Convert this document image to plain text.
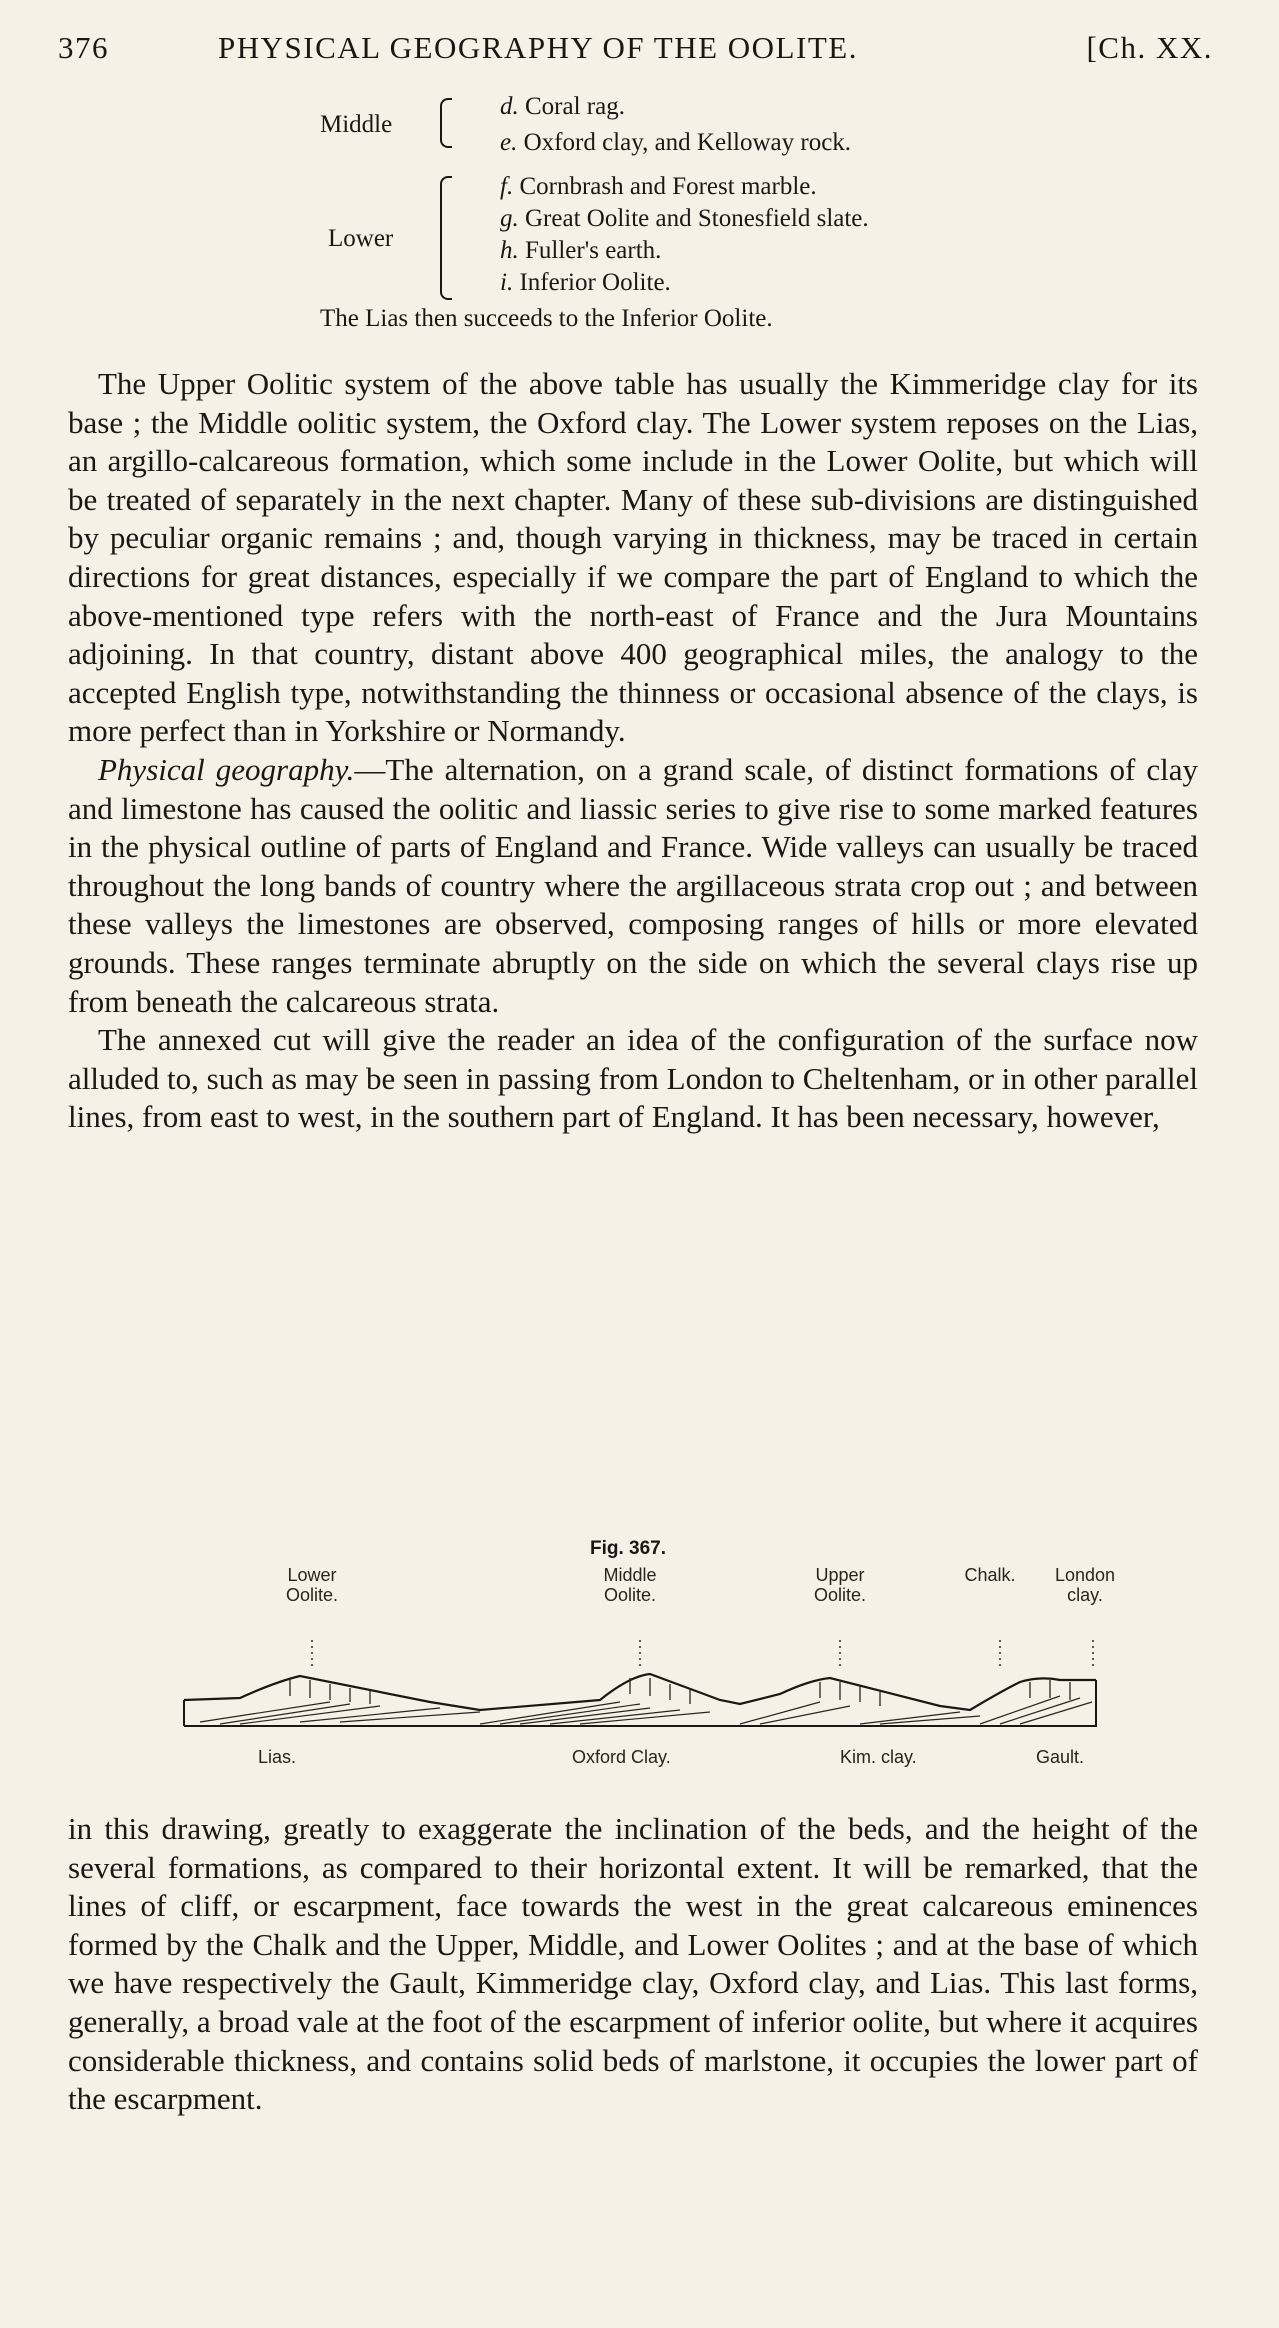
376	PHYSICAL GEOGRAPHY OF THE OOLITE.	[Ch. XX.
Middle
d. Coral rag.
e. Oxford clay, and Kelloway rock.
Lower
f. Cornbrash and Forest marble.
g. Great Oolite and Stonesfield slate.
h. Fuller's earth.
i. Inferior Oolite.
The Lias then succeeds to the Inferior Oolite.

The Upper Oolitic system of the above table has usually the Kimmeridge clay for its base ; the Middle oolitic system, the Oxford clay. The Lower system reposes on the Lias, an argillo-calcareous formation, which some include in the Lower Oolite, but which will be treated of separately in the next chapter. Many of these sub-divisions are distinguished by peculiar organic remains ; and, though varying in thickness, may be traced in certain directions for great distances, especially if we compare the part of England to which the above-mentioned type refers with the north-east of France and the Jura Mountains adjoining. In that country, distant above 400 geographical miles, the analogy to the accepted English type, notwithstanding the thinness or occasional absence of the clays, is more perfect than in Yorkshire or Normandy.

Physical geography.—The alternation, on a grand scale, of distinct formations of clay and limestone has caused the oolitic and liassic series to give rise to some marked features in the physical outline of parts of England and France. Wide valleys can usually be traced throughout the long bands of country where the argillaceous strata crop out ; and between these valleys the limestones are observed, composing ranges of hills or more elevated grounds. These ranges terminate abruptly on the side on which the several clays rise up from beneath the calcareous strata.

The annexed cut will give the reader an idea of the configuration of the surface now alluded to, such as may be seen in passing from London to Cheltenham, or in other parallel lines, from east to west, in the southern part of England. It has been necessary, however,

Fig. 367.
Lower
Oolite.
Middle
Oolite.
Upper
Oolite.
Chalk.	London
clay.
Lias.	Oxford Clay.	Kim. clay.	Gault.

in this drawing, greatly to exaggerate the inclination of the beds, and the height of the several formations, as compared to their horizontal extent. It will be remarked, that the lines of cliff, or escarpment, face towards the west in the great calcareous eminences formed by the Chalk and the Upper, Middle, and Lower Oolites ; and at the base of which we have respectively the Gault, Kimmeridge clay, Oxford clay, and Lias. This last forms, generally, a broad vale at the foot of the escarpment of inferior oolite, but where it acquires considerable thickness, and contains solid beds of marlstone, it occupies the lower part of the escarpment.
